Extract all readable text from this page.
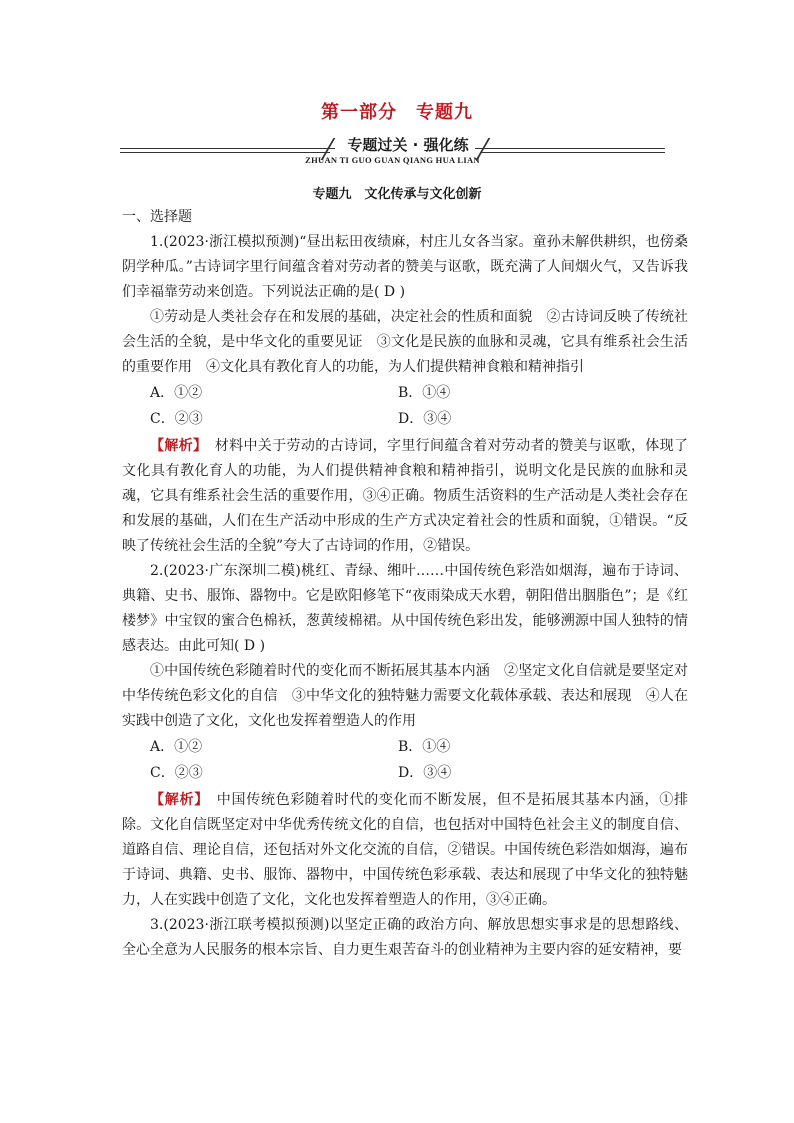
第一部分　专题九
专题过关 · 强化练
ZHUAN TI GUO GUAN QIANG HUA LIAN
专题九　文化传承与文化创新

一、选择题

1.(2023·浙江模拟预测)“昼出耘田夜绩麻，村庄儿女各当家。童孙未解供耕织，也傍桑阴学种瓜。”古诗词字里行间蕴含着对劳动者的赞美与讴歌，既充满了人间烟火气，又告诉我们幸福靠劳动来创造。下列说法正确的是( D )

①劳动是人类社会存在和发展的基础，决定社会的性质和面貌　②古诗词反映了传统社会生活的全貌，是中华文化的重要见证　③文化是民族的血脉和灵魂，它具有维系社会生活的重要作用　④文化具有教化育人的功能，为人们提供精神食粮和精神指引

A．①②	B．①④
C．②③	D．③④

【解析】　材料中关于劳动的古诗词，字里行间蕴含着对劳动者的赞美与讴歌，体现了文化具有教化育人的功能，为人们提供精神食粮和精神指引，说明文化是民族的血脉和灵魂，它具有维系社会生活的重要作用，③④正确。物质生活资料的生产活动是人类社会存在和发展的基础，人们在生产活动中形成的生产方式决定着社会的性质和面貌，①错误。“反映了传统社会生活的全貌”夸大了古诗词的作用，②错误。

2.(2023·广东深圳二模)桃红、青绿、缃叶……中国传统色彩浩如烟海，遍布于诗词、典籍、史书、服饰、器物中。它是欧阳修笔下“夜雨染成天水碧，朝阳借出胭脂色”；是《红楼梦》中宝钗的蜜合色棉袄，葱黄绫棉裙。从中国传统色彩出发，能够溯源中国人独特的情感表达。由此可知( D )

①中国传统色彩随着时代的变化而不断拓展其基本内涵　②坚定文化自信就是要坚定对中华传统色彩文化的自信　③中华文化的独特魅力需要文化载体承载、表达和展现　④人在实践中创造了文化，文化也发挥着塑造人的作用

A．①②	B．①④
C．②③	D．③④

【解析】　中国传统色彩随着时代的变化而不断发展，但不是拓展其基本内涵，①排除。文化自信既坚定对中华优秀传统文化的自信，也包括对中国特色社会主义的制度自信、道路自信、理论自信，还包括对外文化交流的自信，②错误。中国传统色彩浩如烟海，遍布于诗词、典籍、史书、服饰、器物中，中国传统色彩承载、表达和展现了中华文化的独特魅力，人在实践中创造了文化，文化也发挥着塑造人的作用，③④正确。

3.(2023·浙江联考模拟预测)以坚定正确的政治方向、解放思想实事求是的思想路线、全心全意为人民服务的根本宗旨、自力更生艰苦奋斗的创业精神为主要内容的延安精神，要
